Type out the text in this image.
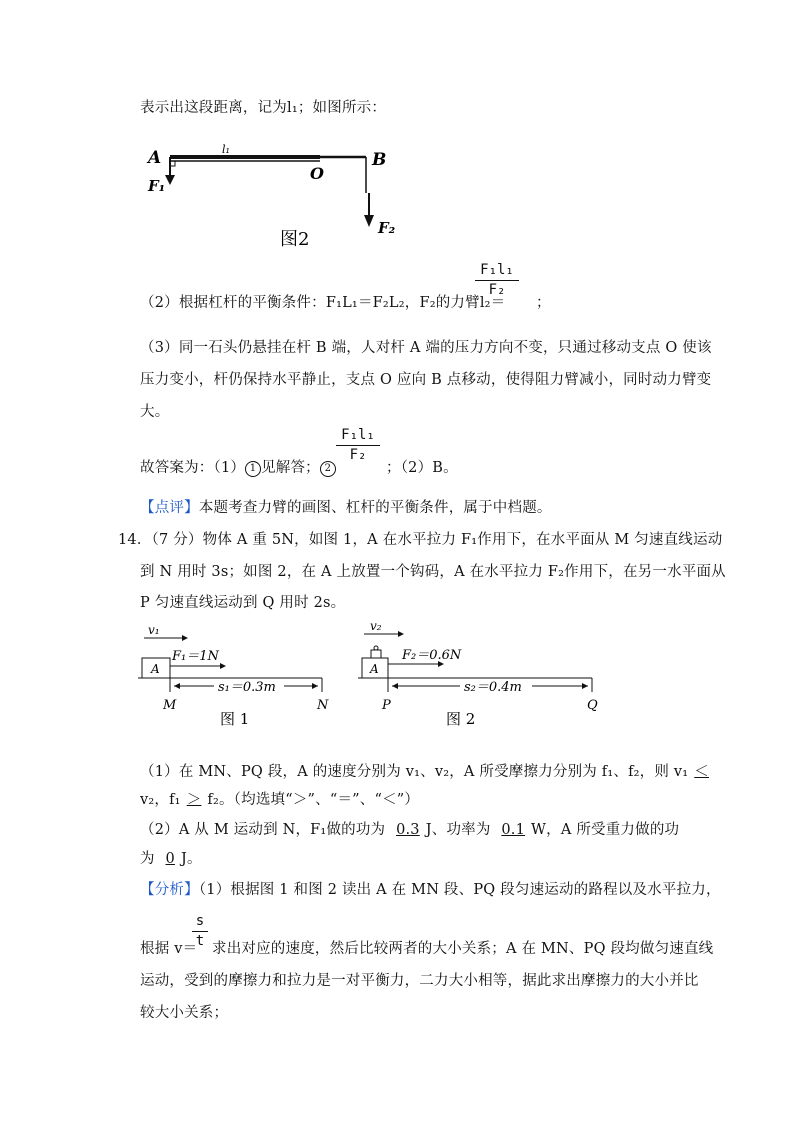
表示出这段距离，记为l₁；如图所示：
A	l₁
O
B
F₁
F₂
图2
（2）根据杠杆的平衡条件：F₁L₁＝F₂L₂，F₂的力臂l₂＝
$\frac{\text{F₁l₁}}{\text{F₂}}$
；
（3）同一石头仍悬挂在杆 B 端，人对杆 A 端的压力方向不变，只通过移动支点 O 使该
压力变小，杆仍保持水平静止，支点 O 应向 B 点移动，使得阻力臂减小，同时动力臂变
大。
故答案为：（1） 1 见解答； 2
$\frac{\text{F₁l₁}}{\text{F₂}}$
；（2）B。
【点评】本题考查力臂的画图、杠杆的平衡条件，属于中档题。
14．（7 分）物体 A 重 5N，如图 1，A 在水平拉力 F₁作用下，在水平面从 M 匀速直线运动
到 N 用时 3s；如图 2，在 A 上放置一个钩码，A 在水平拉力 F₂作用下，在另一水平面从
P 匀速直线运动到 Q 用时 2s。
v₁
A
F₁＝1N
s₁＝0.3m
M	N
图 1
v₂
A
F₂＝0.6N
s₂＝0.4m
P	Q
图 2
（1）在 MN、PQ 段，A 的速度分别为 v₁、v₂，A 所受摩擦力分别为 f₁、f₂，则 v₁ ＜
v₂，f₁ ＞ f₂。（均选填“＞”、“＝”、“＜”）
（2）A 从 M 运动到 N，F₁做的功为 0.3 J、功率为 0.1 W，A 所受重力做的功
为 0 J。
【分析】（1）根据图 1 和图 2 读出 A 在 MN 段、PQ 段匀速运动的路程以及水平拉力，
根据 v＝
$\frac{s}{t}$ 求出对应的速度，然后比较两者的大小关系；A 在 MN、PQ 段均做匀速直线
运动，受到的摩擦力和拉力是一对平衡力，二力大小相等，据此求出摩擦力的大小并比
较大小关系；
